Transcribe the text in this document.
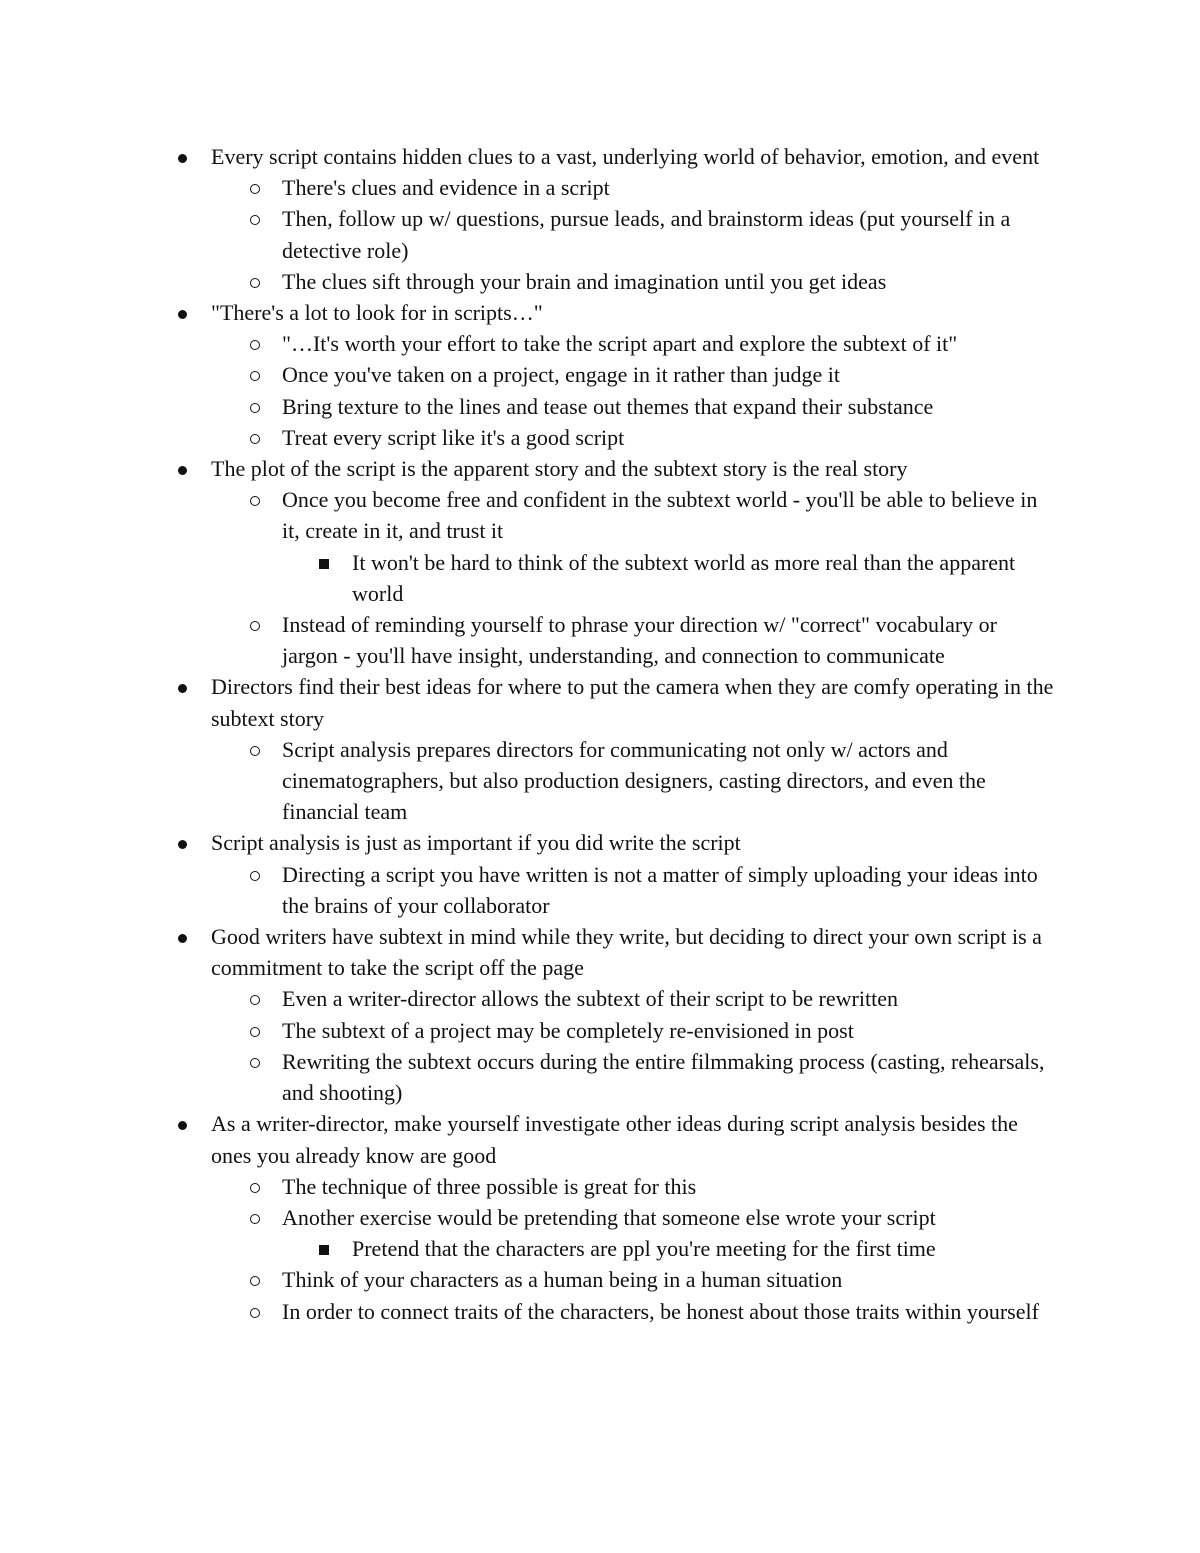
Every script contains hidden clues to a vast, underlying world of behavior, emotion, and event
There's clues and evidence in a script
Then, follow up w/ questions, pursue leads, and brainstorm ideas (put yourself in a detective role)
The clues sift through your brain and imagination until you get ideas
"There's a lot to look for in scripts…"
"…It's worth your effort to take the script apart and explore the subtext of it"
Once you've taken on a project, engage in it rather than judge it
Bring texture to the lines and tease out themes that expand their substance
Treat every script like it's a good script
The plot of the script is the apparent story and the subtext story is the real story
Once you become free and confident in the subtext world - you'll be able to believe in it, create in it, and trust it
It won't be hard to think of the subtext world as more real than the apparent world
Instead of reminding yourself to phrase your direction w/ "correct" vocabulary or jargon - you'll have insight, understanding, and connection to communicate
Directors find their best ideas for where to put the camera when they are comfy operating in the subtext story
Script analysis prepares directors for communicating not only w/ actors and cinematographers, but also production designers, casting directors, and even the financial team
Script analysis is just as important if you did write the script
Directing a script you have written is not a matter of simply uploading your ideas into the brains of your collaborator
Good writers have subtext in mind while they write, but deciding to direct your own script is a commitment to take the script off the page
Even a writer-director allows the subtext of their script to be rewritten
The subtext of a project may be completely re-envisioned in post
Rewriting the subtext occurs during the entire filmmaking process (casting, rehearsals, and shooting)
As a writer-director, make yourself investigate other ideas during script analysis besides the ones you already know are good
The technique of three possible is great for this
Another exercise would be pretending that someone else wrote your script
Pretend that the characters are ppl you're meeting for the first time
Think of your characters as a human being in a human situation
In order to connect traits of the characters, be honest about those traits within yourself
